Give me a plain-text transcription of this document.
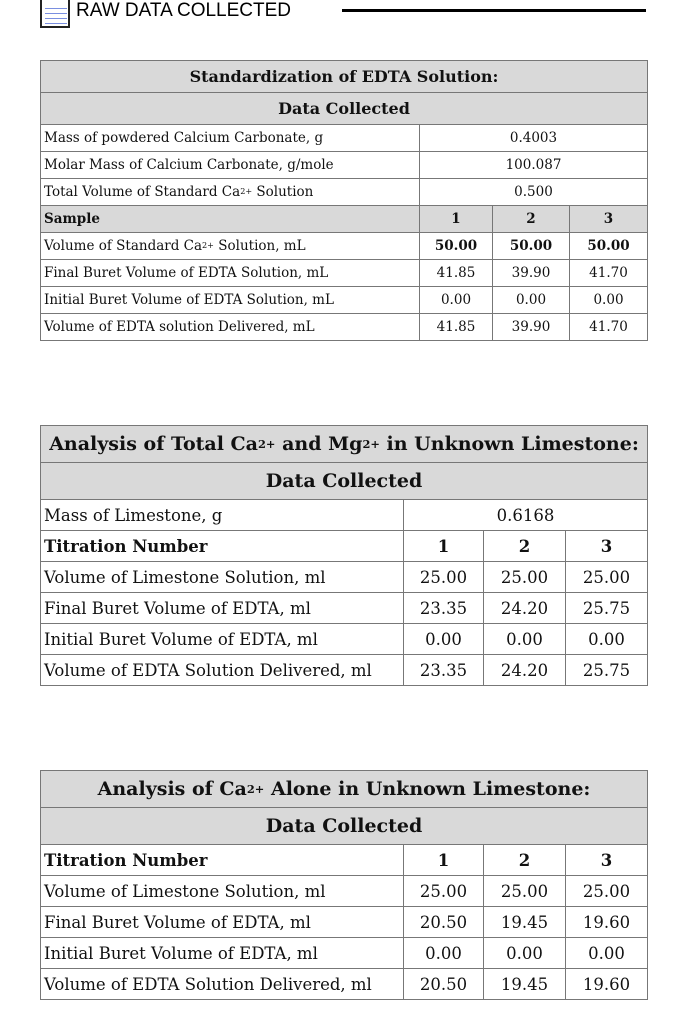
RAW DATA COLLECTED
Standardization of EDTA Solution:			
Data Collected			
Mass of powdered Calcium Carbonate, g	0.4003		
Molar Mass of Calcium Carbonate, g/mole	100.087		
Total Volume of Standard $Ca^{2+}$ Solution	0.500		
Sample	1	2	3
Volume of Standard $Ca^{2+}$ Solution, mL	50.00	50.00	50.00
Final Buret Volume of EDTA Solution, mL	41.85	39.90	41.70
Initial Buret Volume of EDTA Solution, mL	0.00	0.00	0.00
Volume of EDTA solution Delivered, mL	41.85	39.90	41.70
Analysis of Total $Ca^{2+}$ and $Mg^{2+}$ in Unknown Limestone:			
Data Collected			
Mass of Limestone, g	0.6168		
Titration Number	1	2	3
Volume of Limestone Solution, ml	25.00	25.00	25.00
Final Buret Volume of EDTA, ml	23.35	24.20	25.75
Initial Buret Volume of EDTA, ml	0.00	0.00	0.00
Volume of EDTA Solution Delivered, ml	23.35	24.20	25.75
Analysis of $Ca^{2+}$ Alone in Unknown Limestone:			
Data Collected			
Titration Number	1	2	3
Volume of Limestone Solution, ml	25.00	25.00	25.00
Final Buret Volume of EDTA, ml	20.50	19.45	19.60
Initial Buret Volume of EDTA, ml	0.00	0.00	0.00
Volume of EDTA Solution Delivered, ml	20.50	19.45	19.60
